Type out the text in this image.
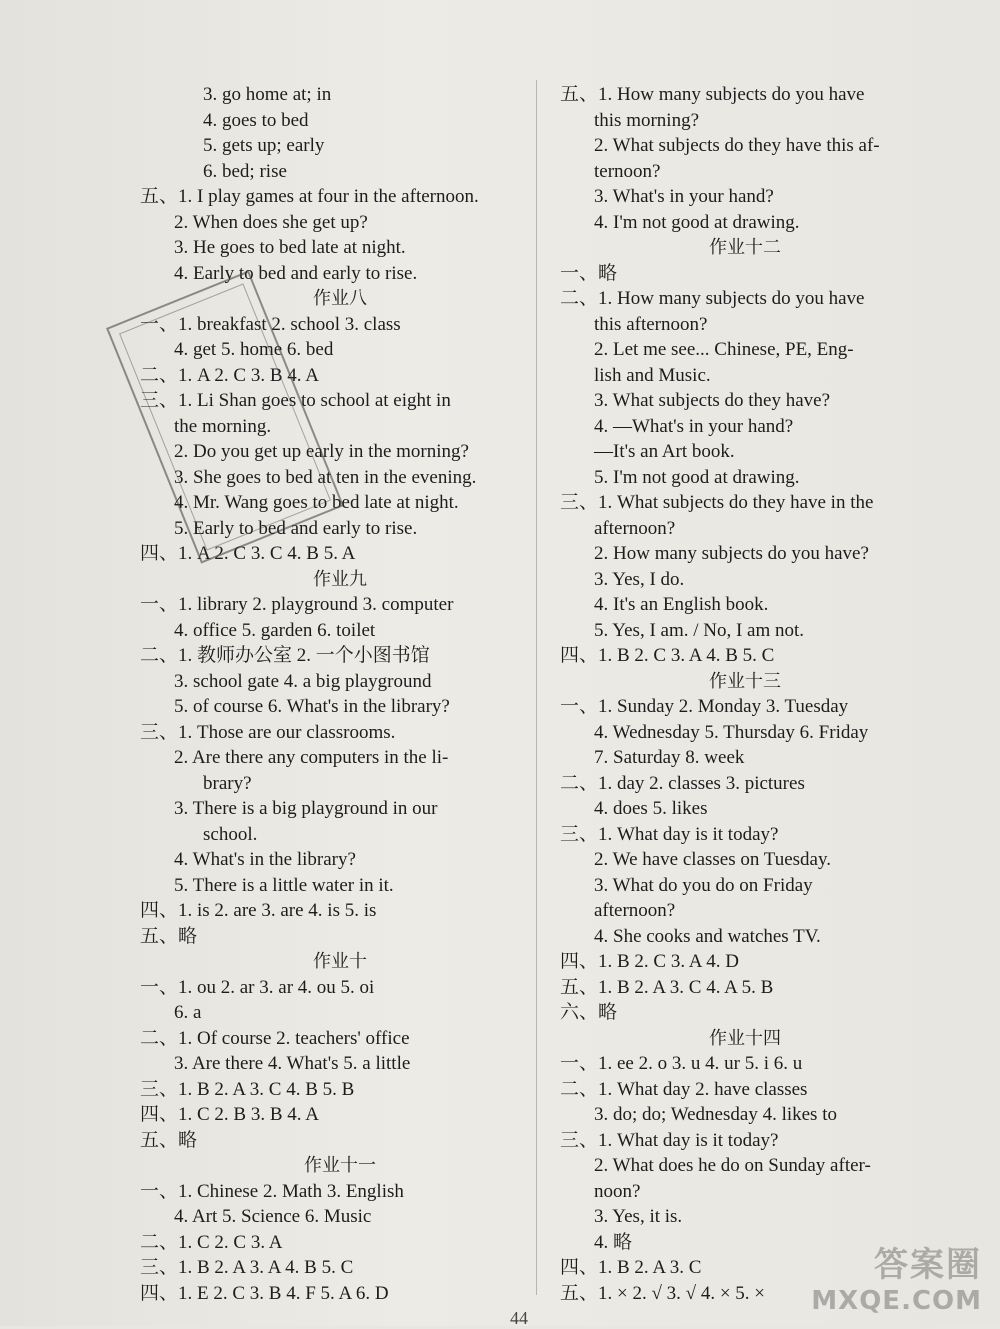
3. go home at; in
4. goes to bed
5. gets up; early
6. bed; rise
五、1. I play games at four in the afternoon.
2. When does she get up?
3. He goes to bed late at night.
4. Early to bed and early to rise.
作业八
一、1. breakfast 2. school 3. class
4. get 5. home 6. bed
二、1. A 2. C 3. B 4. A
三、1. Li Shan goes to school at eight in
the morning.
2. Do you get up early in the morning?
3. She goes to bed at ten in the evening.
4. Mr. Wang goes to bed late at night.
5. Early to bed and early to rise.
四、1. A 2. C 3. C 4. B 5. A
作业九
一、1. library 2. playground 3. computer
4. office 5. garden 6. toilet
二、1. 教师办公室 2. 一个小图书馆
3. school gate 4. a big playground
5. of course 6. What's in the library?
三、1. Those are our classrooms.
2. Are there any computers in the li-
brary?
3. There is a big playground in our
school.
4. What's in the library?
5. There is a little water in it.
四、1. is 2. are 3. are 4. is 5. is
五、略
作业十
一、1. ou 2. ar 3. ar 4. ou 5. oi
6. a
二、1. Of course 2. teachers' office
3. Are there 4. What's 5. a little
三、1. B 2. A 3. C 4. B 5. B
四、1. C 2. B 3. B 4. A
五、略
作业十一
一、1. Chinese 2. Math 3. English
4. Art 5. Science 6. Music
二、1. C 2. C 3. A
三、1. B 2. A 3. A 4. B 5. C
四、1. E 2. C 3. B 4. F 5. A 6. D
五、1. How many subjects do you have
this morning?
2. What subjects do they have this af-
ternoon?
3. What's in your hand?
4. I'm not good at drawing.
作业十二
一、略
二、1. How many subjects do you have
this afternoon?
2. Let me see... Chinese, PE, Eng-
lish and Music.
3. What subjects do they have?
4. —What's in your hand?
—It's an Art book.
5. I'm not good at drawing.
三、1. What subjects do they have in the
afternoon?
2. How many subjects do you have?
3. Yes, I do.
4. It's an English book.
5. Yes, I am. / No, I am not.
四、1. B 2. C 3. A 4. B 5. C
作业十三
一、1. Sunday 2. Monday 3. Tuesday
4. Wednesday 5. Thursday 6. Friday
7. Saturday 8. week
二、1. day 2. classes 3. pictures
4. does 5. likes
三、1. What day is it today?
2. We have classes on Tuesday.
3. What do you do on Friday
afternoon?
4. She cooks and watches TV.
四、1. B 2. C 3. A 4. D
五、1. B 2. A 3. C 4. A 5. B
六、略
作业十四
一、1. ee 2. o 3. u 4. ur 5. i 6. u
二、1. What day 2. have classes
3. do; do; Wednesday 4. likes to
三、1. What day is it today?
2. What does he do on Sunday after-
noon?
3. Yes, it is.
4. 略
四、1. B 2. A 3. C
五、1. × 2. √ 3. √ 4. × 5. ×
答案圈
MXQE.COM
44
